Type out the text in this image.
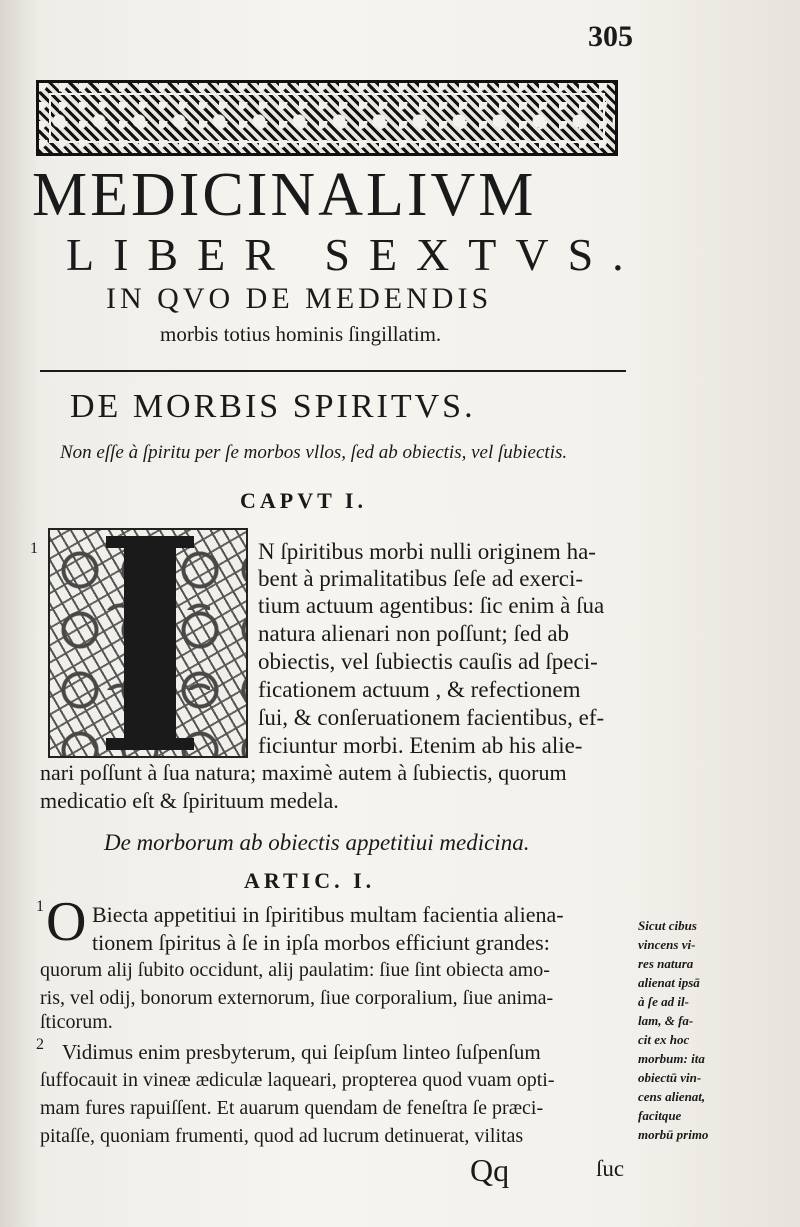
305
MEDICINALIVM
LIBER SEXTVS.
IN QVO DE MEDENDIS
morbis totius hominis ſingillatim.
DE MORBIS SPIRITVS.
Non eſſe à ſpiritu per ſe morbos vllos, ſed ab obiectis, vel ſubiectis.
CAPVT I.
1	N ſpiritibus morbi nulli originem ha-
bent à primalitatibus ſeſe ad exerci-
tium actuum agentibus: ſic enim à ſua
natura alienari non poſſunt; ſed ab
obiectis, vel ſubiectis cauſis ad ſpeci-
ficationem actuum , & refectionem
ſui, & conſeruationem facientibus, ef-
ficiuntur morbi. Etenim ab his alie-
nari poſſunt à ſua natura; maximè autem à ſubiectis, quorum
medicatio eſt & ſpirituum medela.
De morborum ab obiectis appetitiui medicina.
ARTIC. I.
1 O Biecta appetitiui in ſpiritibus multam facientia aliena-
tionem ſpiritus à ſe in ipſa morbos efficiunt grandes:
quorum alij ſubito occidunt, alij paulatim: ſiue ſint obiecta amo-
ris, vel odij, bonorum externorum, ſiue corporalium, ſiue anima-
ſticorum.
2 Vidimus enim presbyterum, qui ſeipſum linteo ſuſpenſum
ſuffocauit in vineæ ædiculæ laqueari, propterea quod vuam opti-
mam fures rapuiſſent. Et auarum quendam de feneſtra ſe præci-
pitaſſe, quoniam frumenti, quod ad lucrum detinuerat, vilitas
Sicut cibus
vincens vi-
res natura
alienat ipsā
à ſe ad il-
lam, & fa-
cit ex hoc
morbum: ita
obiectū vin-
cens alienat,
facitque
morbū primo
Qq	ſuc
